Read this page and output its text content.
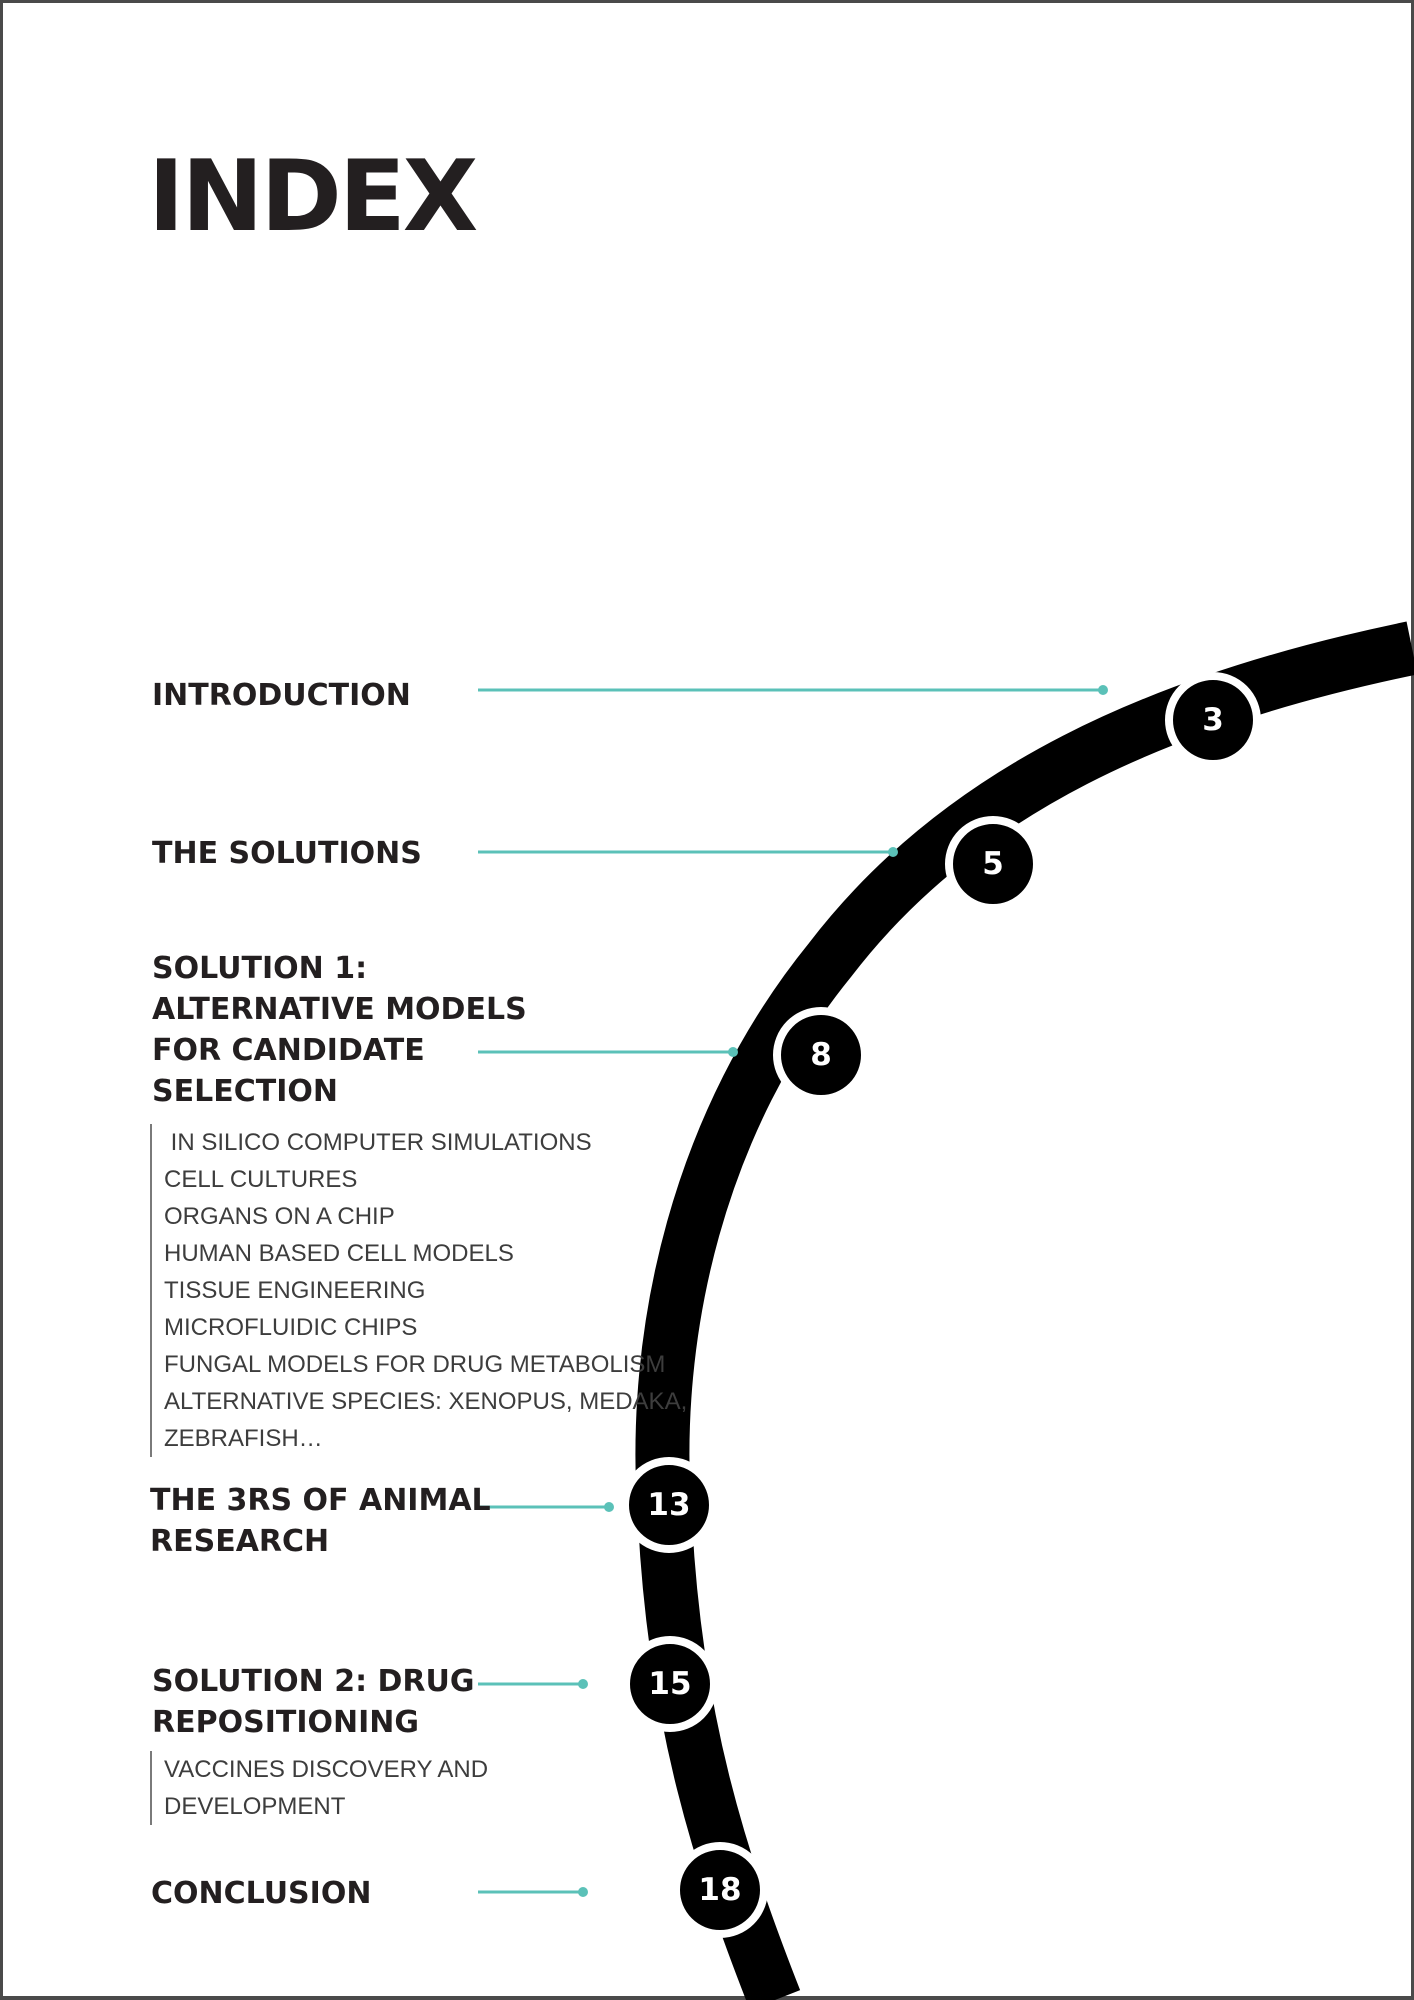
INDEX
INTRODUCTION
THE SOLUTIONS
SOLUTION 1:
ALTERNATIVE MODELS
FOR CANDIDATE
SELECTION
IN SILICO COMPUTER SIMULATIONS
CELL CULTURES
ORGANS ON A CHIP
HUMAN BASED CELL MODELS
TISSUE ENGINEERING
MICROFLUIDIC CHIPS
FUNGAL MODELS FOR DRUG METABOLISM
ALTERNATIVE SPECIES: XENOPUS, MEDAKA,
ZEBRAFISH…
THE 3RS OF ANIMAL
RESEARCH
SOLUTION 2: DRUG
REPOSITIONING
VACCINES DISCOVERY AND
DEVELOPMENT
CONCLUSION
3
5
8
13
15
18
